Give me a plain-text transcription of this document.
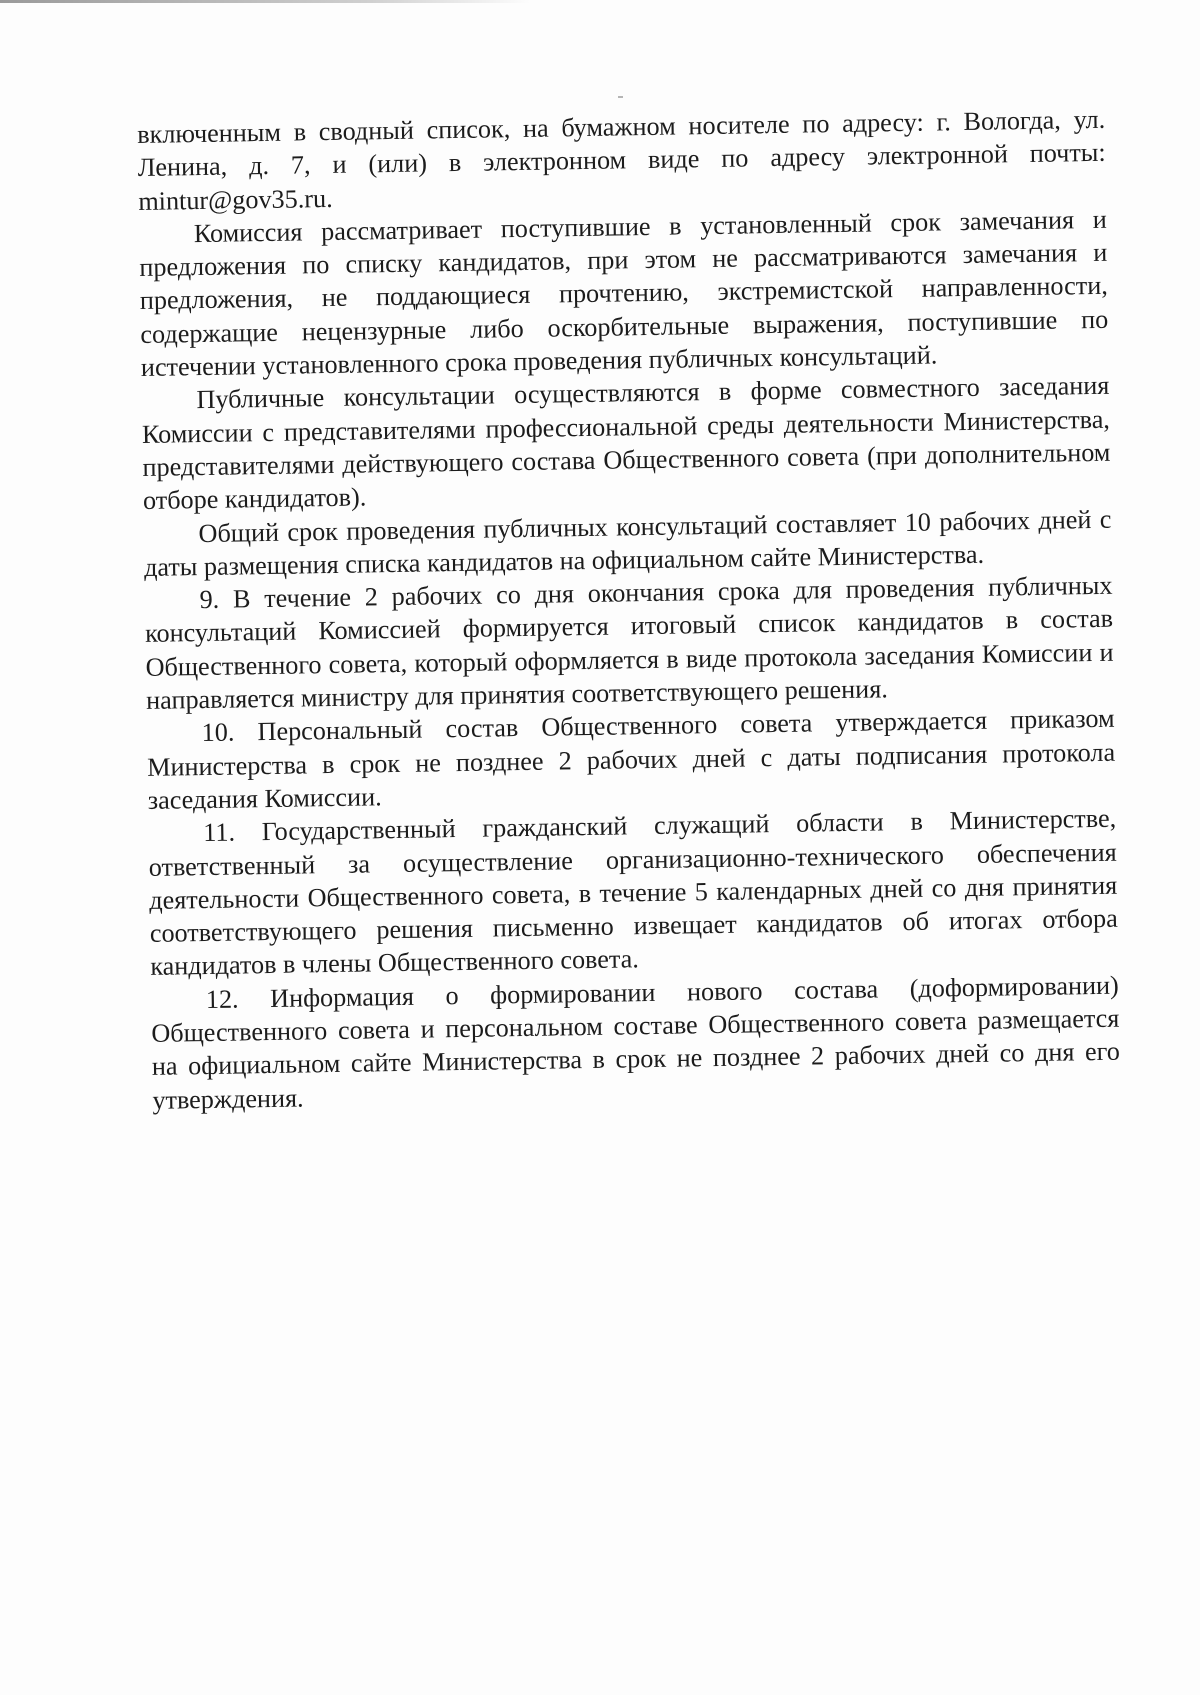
включенным в сводный список, на бумажном носителе по адресу: г. Вологда, ул. Ленина, д. 7, и (или) в электронном виде по адресу электронной почты: mintur@gov35.ru.

Комиссия рассматривает поступившие в установленный срок замечания и предложения по списку кандидатов, при этом не рассматриваются замечания и предложения, не поддающиеся прочтению, экстремистской направленности, содержащие нецензурные либо оскорбительные выражения, поступившие по истечении установленного срока проведения публичных консультаций.

Публичные консультации осуществляются в форме совместного заседания Комиссии с представителями профессиональной среды деятельности Министерства, представителями действующего состава Общественного совета (при дополнительном отборе кандидатов).

Общий срок проведения публичных консультаций составляет 10 рабочих дней с даты размещения списка кандидатов на официальном сайте Министерства.

9. В течение 2 рабочих со дня окончания срока для проведения публичных консультаций Комиссией формируется итоговый список кандидатов в состав Общественного совета, который оформляется в виде протокола заседания Комиссии и направляется министру для принятия соответствующего решения.

10. Персональный состав Общественного совета утверждается приказом Министерства в срок не позднее 2 рабочих дней с даты подписания протокола заседания Комиссии.

11. Государственный гражданский служащий области в Министерстве, ответственный за осуществление организационно-технического обеспечения деятельности Общественного совета, в течение 5 календарных дней со дня принятия соответствующего решения письменно извещает кандидатов об итогах отбора кандидатов в члены Общественного совета.

12. Информация о формировании нового состава (доформировании) Общественного совета и персональном составе Общественного совета размещается на официальном сайте Министерства в срок не позднее 2 рабочих дней со дня его утверждения.
